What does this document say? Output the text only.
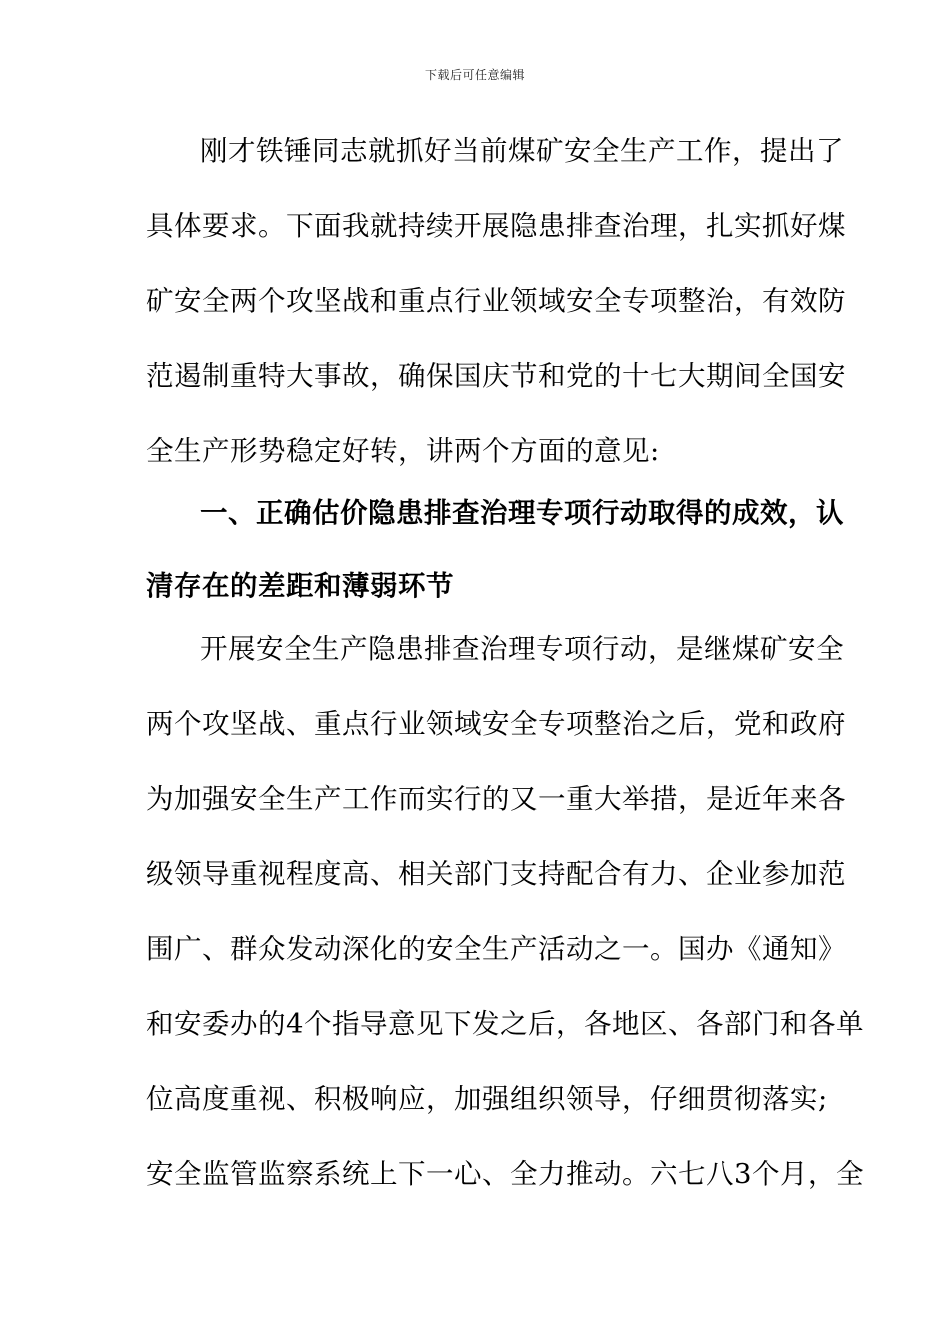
下载后可任意编辑
刚才铁锤同志就抓好当前煤矿安全生产工作，提出了
具体要求。下面我就持续开展隐患排查治理，扎实抓好煤
矿安全两个攻坚战和重点行业领域安全专项整治，有效防
范遏制重特大事故，确保国庆节和党的十七大期间全国安
全生产形势稳定好转，讲两个方面的意见:
一、正确估价隐患排查治理专项行动取得的成效，认
清存在的差距和薄弱环节
开展安全生产隐患排查治理专项行动，是继煤矿安全
两个攻坚战、重点行业领域安全专项整治之后，党和政府
为加强安全生产工作而实行的又一重大举措，是近年来各
级领导重视程度高、相关部门支持配合有力、企业参加范
围广、群众发动深化的安全生产活动之一。国办《通知》
和安委办的4个指导意见下发之后，各地区、各部门和各单
位高度重视、积极响应，加强组织领导，仔细贯彻落实;
安全监管监察系统上下一心、全力推动。六七八3个月，全
